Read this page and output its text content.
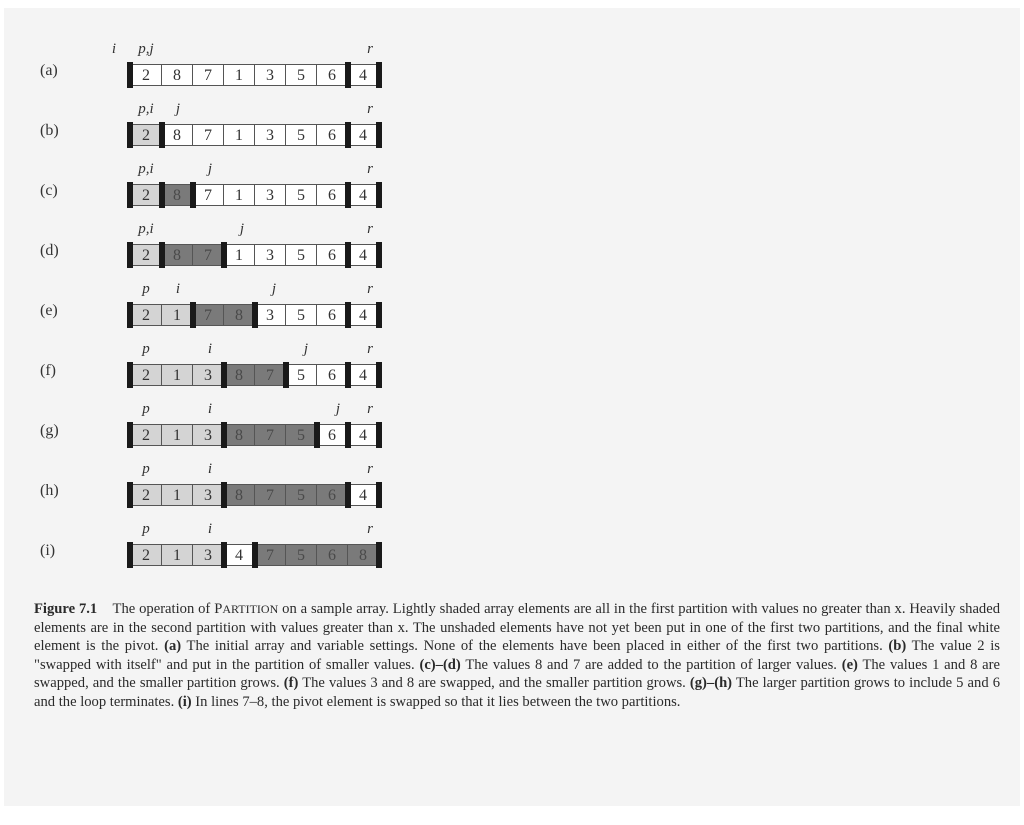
(a)
i p,j	r
2	8	7	1	3	5	6	4
(b)
p,i j	r
2	8	7	1	3	5	6	4
(c)
p,i	j	r
2	8	7	1	3	5	6	4
(d)
p,i	j	r
2	8	7	1	3	5	6	4
(e)
p i	j	r
2	1	7	8	3	5	6	4
(f)
p	i	j	r
2	1	3	8	7	5	6	4
(g)
p	i	j r
2	1	3	8	7	5	6	4
(h)
p	i	r
2	1	3	8	7	5	6	4
(i)
p	i	r
2	1	3	4	7	5	6	8
Figure 7.1 The operation of PARTITION on a sample array. Lightly shaded array elements are all in the first partition with values no greater than x. Heavily shaded elements are in the second partition with values greater than x. The unshaded elements have not yet been put in one of the first two partitions, and the final white element is the pivot. (a) The initial array and variable settings. None of the elements have been placed in either of the first two partitions. (b) The value 2 is "swapped with itself" and put in the partition of smaller values. (c)–(d) The values 8 and 7 are added to the partition of larger values. (e) The values 1 and 8 are swapped, and the smaller partition grows. (f) The values 3 and 8 are swapped, and the smaller partition grows. (g)–(h) The larger partition grows to include 5 and 6 and the loop terminates. (i) In lines 7–8, the pivot element is swapped so that it lies between the two partitions.
